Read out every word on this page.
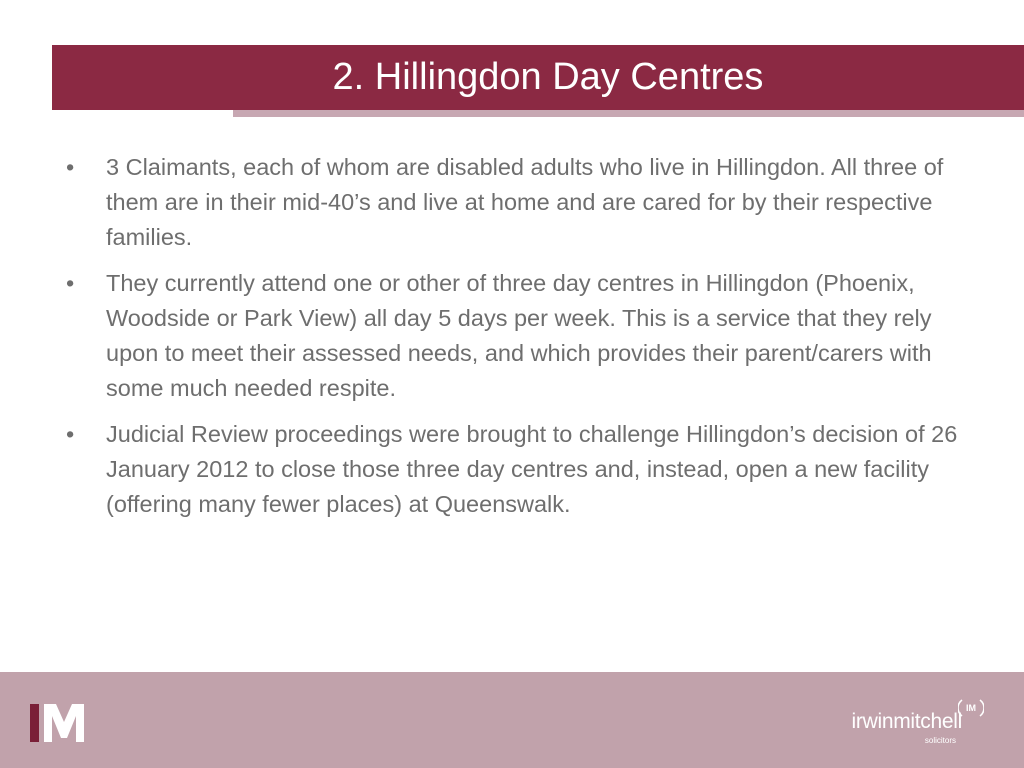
2. Hillingdon Day Centres
•	3 Claimants, each of whom are disabled adults who live in Hillingdon. All three of them are in their mid-40’s and live at home and are cared for by their respective families.
•	They currently attend one or other of three day centres in Hillingdon (Phoenix, Woodside or Park View) all day 5 days per week. This is a service that they rely upon to meet their assessed needs, and which provides their parent/carers with some much needed respite.
•	Judicial Review proceedings were brought to challenge Hillingdon’s decision of 26 January 2012 to close those three day centres and, instead, open a new facility (offering many fewer places) at Queenswalk.
irwinmitchell
solicitors
IM
